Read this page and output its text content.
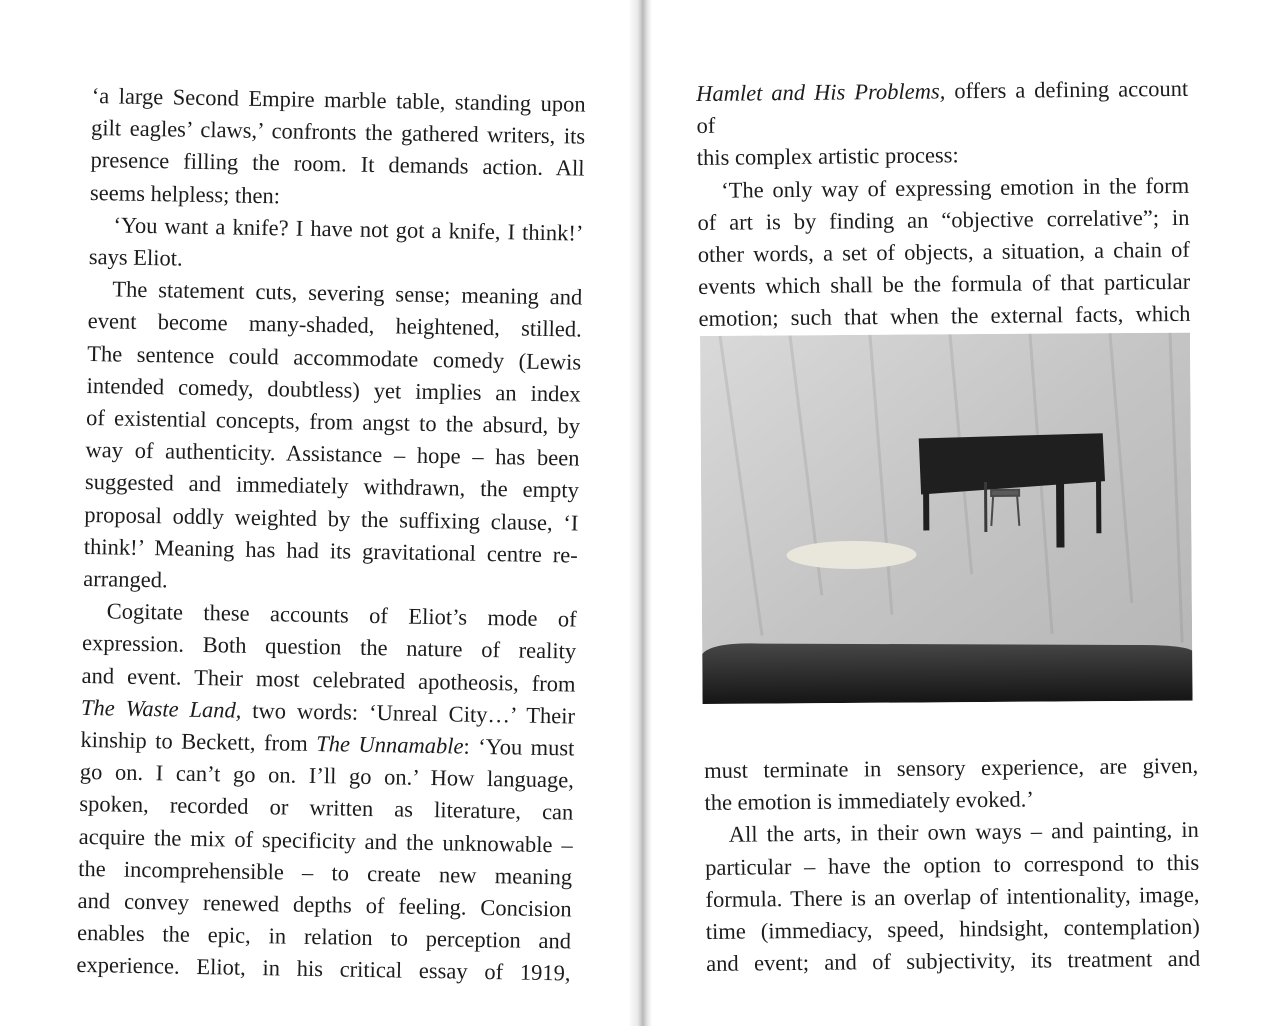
‘a large Second Empire marble table, standing upon
gilt eagles’ claws,’ confronts the gathered writers, its
presence filling the room. It demands action. All
seems helpless; then:
‘You want a knife? I have not got a knife, I think!’
says Eliot.
The statement cuts, severing sense; meaning and
event become many-shaded, heightened, stilled.
The sentence could accommodate comedy (Lewis
intended comedy, doubtless) yet implies an index
of existential concepts, from angst to the absurd, by
way of authenticity. Assistance – hope – has been
suggested and immediately withdrawn, the empty
proposal oddly weighted by the suffixing clause, ‘I
think!’ Meaning has had its gravitational centre re-
arranged.
Cogitate these accounts of Eliot’s mode of
expression. Both question the nature of reality
and event. Their most celebrated apotheosis, from
The Waste Land, two words: ‘Unreal City…’ Their
kinship to Beckett, from The Unnamable: ‘You must
go on. I can’t go on. I’ll go on.’ How language,
spoken, recorded or written as literature, can
acquire the mix of specificity and the unknowable –
the incomprehensible – to create new meaning
and convey renewed depths of feeling. Concision
enables the epic, in relation to perception and
experience. Eliot, in his critical essay of 1919,
Hamlet and His Problems, offers a defining account of
this complex artistic process:
‘The only way of expressing emotion in the form
of art is by finding an “objective correlative”; in
other words, a set of objects, a situation, a chain of
events which shall be the formula of that particular
emotion; such that when the external facts, which
must terminate in sensory experience, are given,
the emotion is immediately evoked.’
All the arts, in their own ways – and painting, in
particular – have the option to correspond to this
formula. There is an overlap of intentionality, image,
time (immediacy, speed, hindsight, contemplation)
and event; and of subjectivity, its treatment and
